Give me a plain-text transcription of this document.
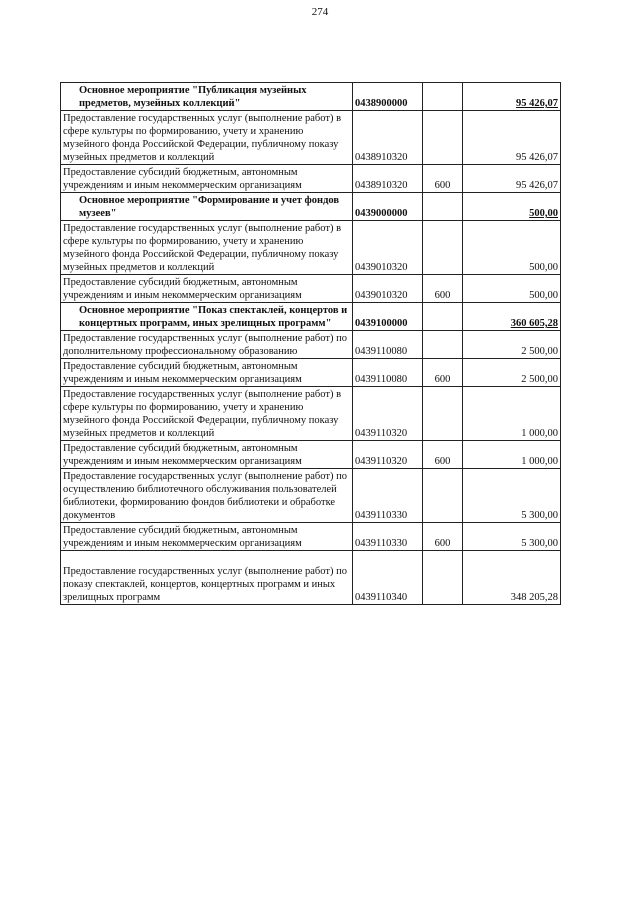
274
Основное мероприятие "Публикация музейных предметов, музейных коллекций"	0438900000		95 426,07
Предоставление государственных услуг (выполнение работ) в сфере культуры по формированию, учету и хранению музейного фонда Российской Федерации, публичному показу музейных предметов и коллекций	0438910320		95 426,07
Предоставление субсидий бюджетным, автономным учреждениям и иным некоммерческим организациям	0438910320	600	95 426,07
Основное мероприятие "Формирование и учет фондов музеев"	0439000000		500,00
Предоставление государственных услуг (выполнение работ) в сфере культуры по формированию, учету и хранению музейного фонда Российской Федерации, публичному показу музейных предметов и коллекций	0439010320		500,00
Предоставление субсидий бюджетным, автономным учреждениям и иным некоммерческим организациям	0439010320	600	500,00
Основное мероприятие "Показ спектаклей, концертов и концертных программ, иных зрелищных программ"	0439100000		360 605,28
Предоставление государственных услуг (выполнение работ) по дополнительному профессиональному образованию	0439110080		2 500,00
Предоставление субсидий бюджетным, автономным учреждениям и иным некоммерческим организациям	0439110080	600	2 500,00
Предоставление государственных услуг (выполнение работ) в сфере культуры по формированию, учету и хранению музейного фонда Российской Федерации, публичному показу музейных предметов и коллекций	0439110320		1 000,00
Предоставление субсидий бюджетным, автономным учреждениям и иным некоммерческим организациям	0439110320	600	1 000,00
Предоставление государственных услуг (выполнение работ) по осуществлению библиотечного обслуживания пользователей библиотеки, формированию фондов библиотеки и обработке документов	0439110330		5 300,00
Предоставление субсидий бюджетным, автономным учреждениям и иным некоммерческим организациям	0439110330	600	5 300,00
Предоставление государственных услуг (выполнение работ) по показу спектаклей, концертов, концертных программ и иных зрелищных программ	0439110340		348 205,28
